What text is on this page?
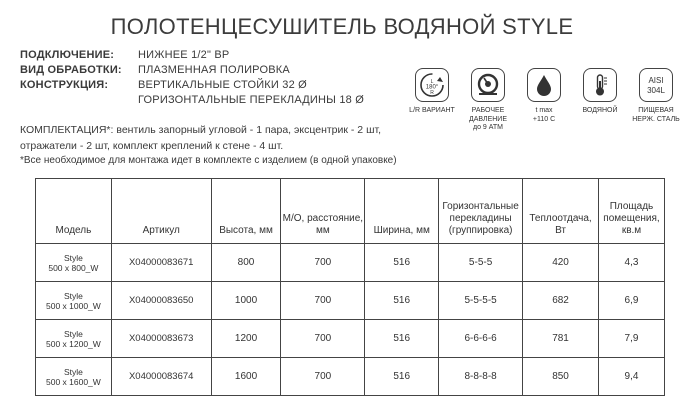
ПОЛОТЕНЦЕСУШИТЕЛЬ ВОДЯНОЙ STYLE
ПОДКЛЮЧЕНИЕ:	НИЖНЕЕ 1/2" ВР
ВИД ОБРАБОТКИ:	ПЛАЗМЕННАЯ ПОЛИРОВКА
КОНСТРУКЦИЯ:	ВЕРТИКАЛЬНЫЕ СТОЙКИ 32 Ø
ГОРИЗОНТАЛЬНЫЕ ПЕРЕКЛАДИНЫ 18 Ø
L
180°
R
L/R ВАРИАНТ	РАБОЧЕЕ
ДАВЛЕНИЕ
до 9 АТМ
t max
+110 С
ВОДЯНОЙ
AISI
304L
ПИЩЕВАЯ
НЕРЖ. СТАЛЬ
КОМПЛЕКТАЦИЯ*: вентиль запорный угловой - 1 пара, эксцентрик - 2 шт, отражатели - 2 шт, комплект креплений к стене - 4 шт.
*Все необходимое для монтажа идет в комплекте с изделием (в одной упаковке)
Модель	Артикул	Высота, мм	М/О, расстояние, мм	Ширина, мм	Горизонтальные перекладины (группировка)	Теплоотдача, Вт	Площадь помещения, кв.м

Style
500 x 800_W	X04000083671	800	700	516	5-5-5	420	4,3

Style
500 x 1000_W	X04000083650	1000	700	516	5-5-5-5	682	6,9

Style
500 x 1200_W	X04000083673	1200	700	516	6-6-6-6	781	7,9

Style
500 x 1600_W	X04000083674	1600	700	516	8-8-8-8	850	9,4
